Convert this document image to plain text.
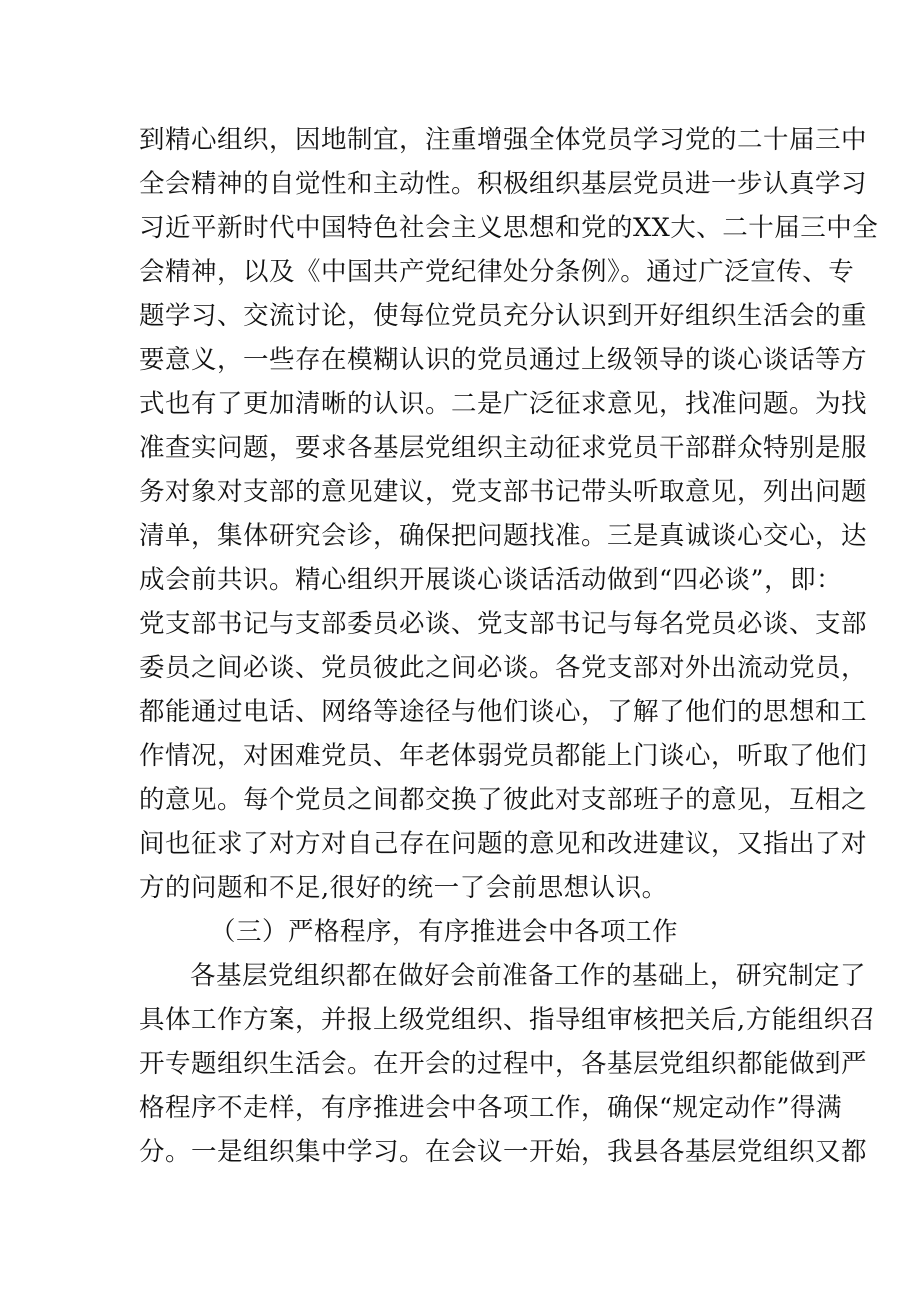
到精心组织，因地制宜，注重增强全体党员学习党的二十届三中
全会精神的自觉性和主动性。积极组织基层党员进一步认真学习
习近平新时代中国特色社会主义思想和党的XX大、二十届三中全
会精神，以及《中国共产党纪律处分条例》。通过广泛宣传、专
题学习、交流讨论，使每位党员充分认识到开好组织生活会的重
要意义，一些存在模糊认识的党员通过上级领导的谈心谈话等方
式也有了更加清晰的认识。二是广泛征求意见，找准问题。为找
准查实问题，要求各基层党组织主动征求党员干部群众特别是服
务对象对支部的意见建议，党支部书记带头听取意见，列出问题
清单，集体研究会诊，确保把问题找准。三是真诚谈心交心，达
成会前共识。精心组织开展谈心谈话活动做到“四必谈”，即：
党支部书记与支部委员必谈、党支部书记与每名党员必谈、支部
委员之间必谈、党员彼此之间必谈。各党支部对外出流动党员，
都能通过电话、网络等途径与他们谈心，了解了他们的思想和工
作情况，对困难党员、年老体弱党员都能上门谈心，听取了他们
的意见。每个党员之间都交换了彼此对支部班子的意见，互相之
间也征求了对方对自己存在问题的意见和改进建议，又指出了对
方的问题和不足,很好的统一了会前思想认识。
（三）严格程序，有序推进会中各项工作
各基层党组织都在做好会前准备工作的基础上，研究制定了
具体工作方案，并报上级党组织、指导组审核把关后,方能组织召
开专题组织生活会。在开会的过程中，各基层党组织都能做到严
格程序不走样，有序推进会中各项工作，确保“规定动作”得满
分。一是组织集中学习。在会议一开始，我县各基层党组织又都
